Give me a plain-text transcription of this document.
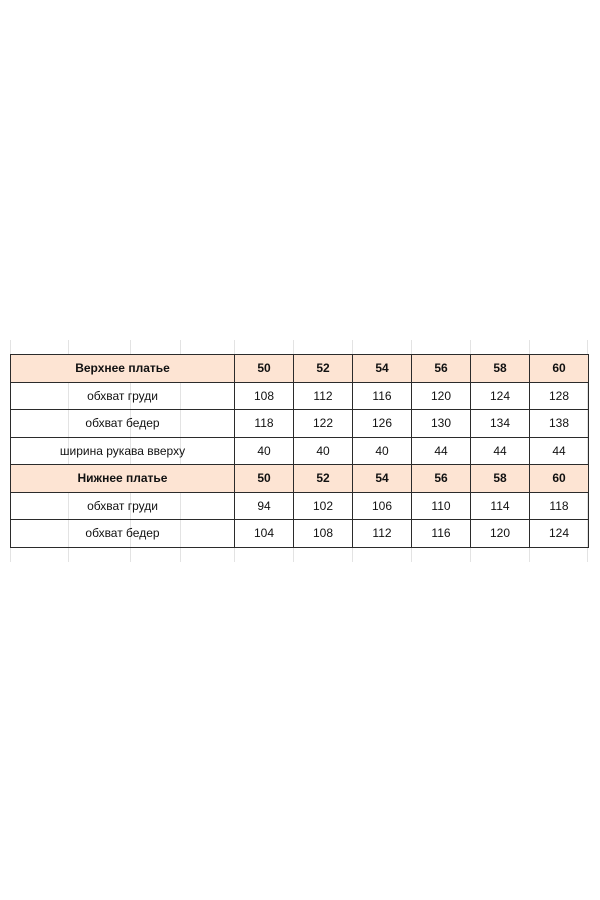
Верхнее платье	50	52	54	56	58	60
обхват груди	108	112	116	120	124	128
обхват бедер	118	122	126	130	134	138
ширина рукава вверху	40	40	40	44	44	44
Нижнее платье	50	52	54	56	58	60
обхват груди	94	102	106	110	114	118
обхват бедер	104	108	112	116	120	124
